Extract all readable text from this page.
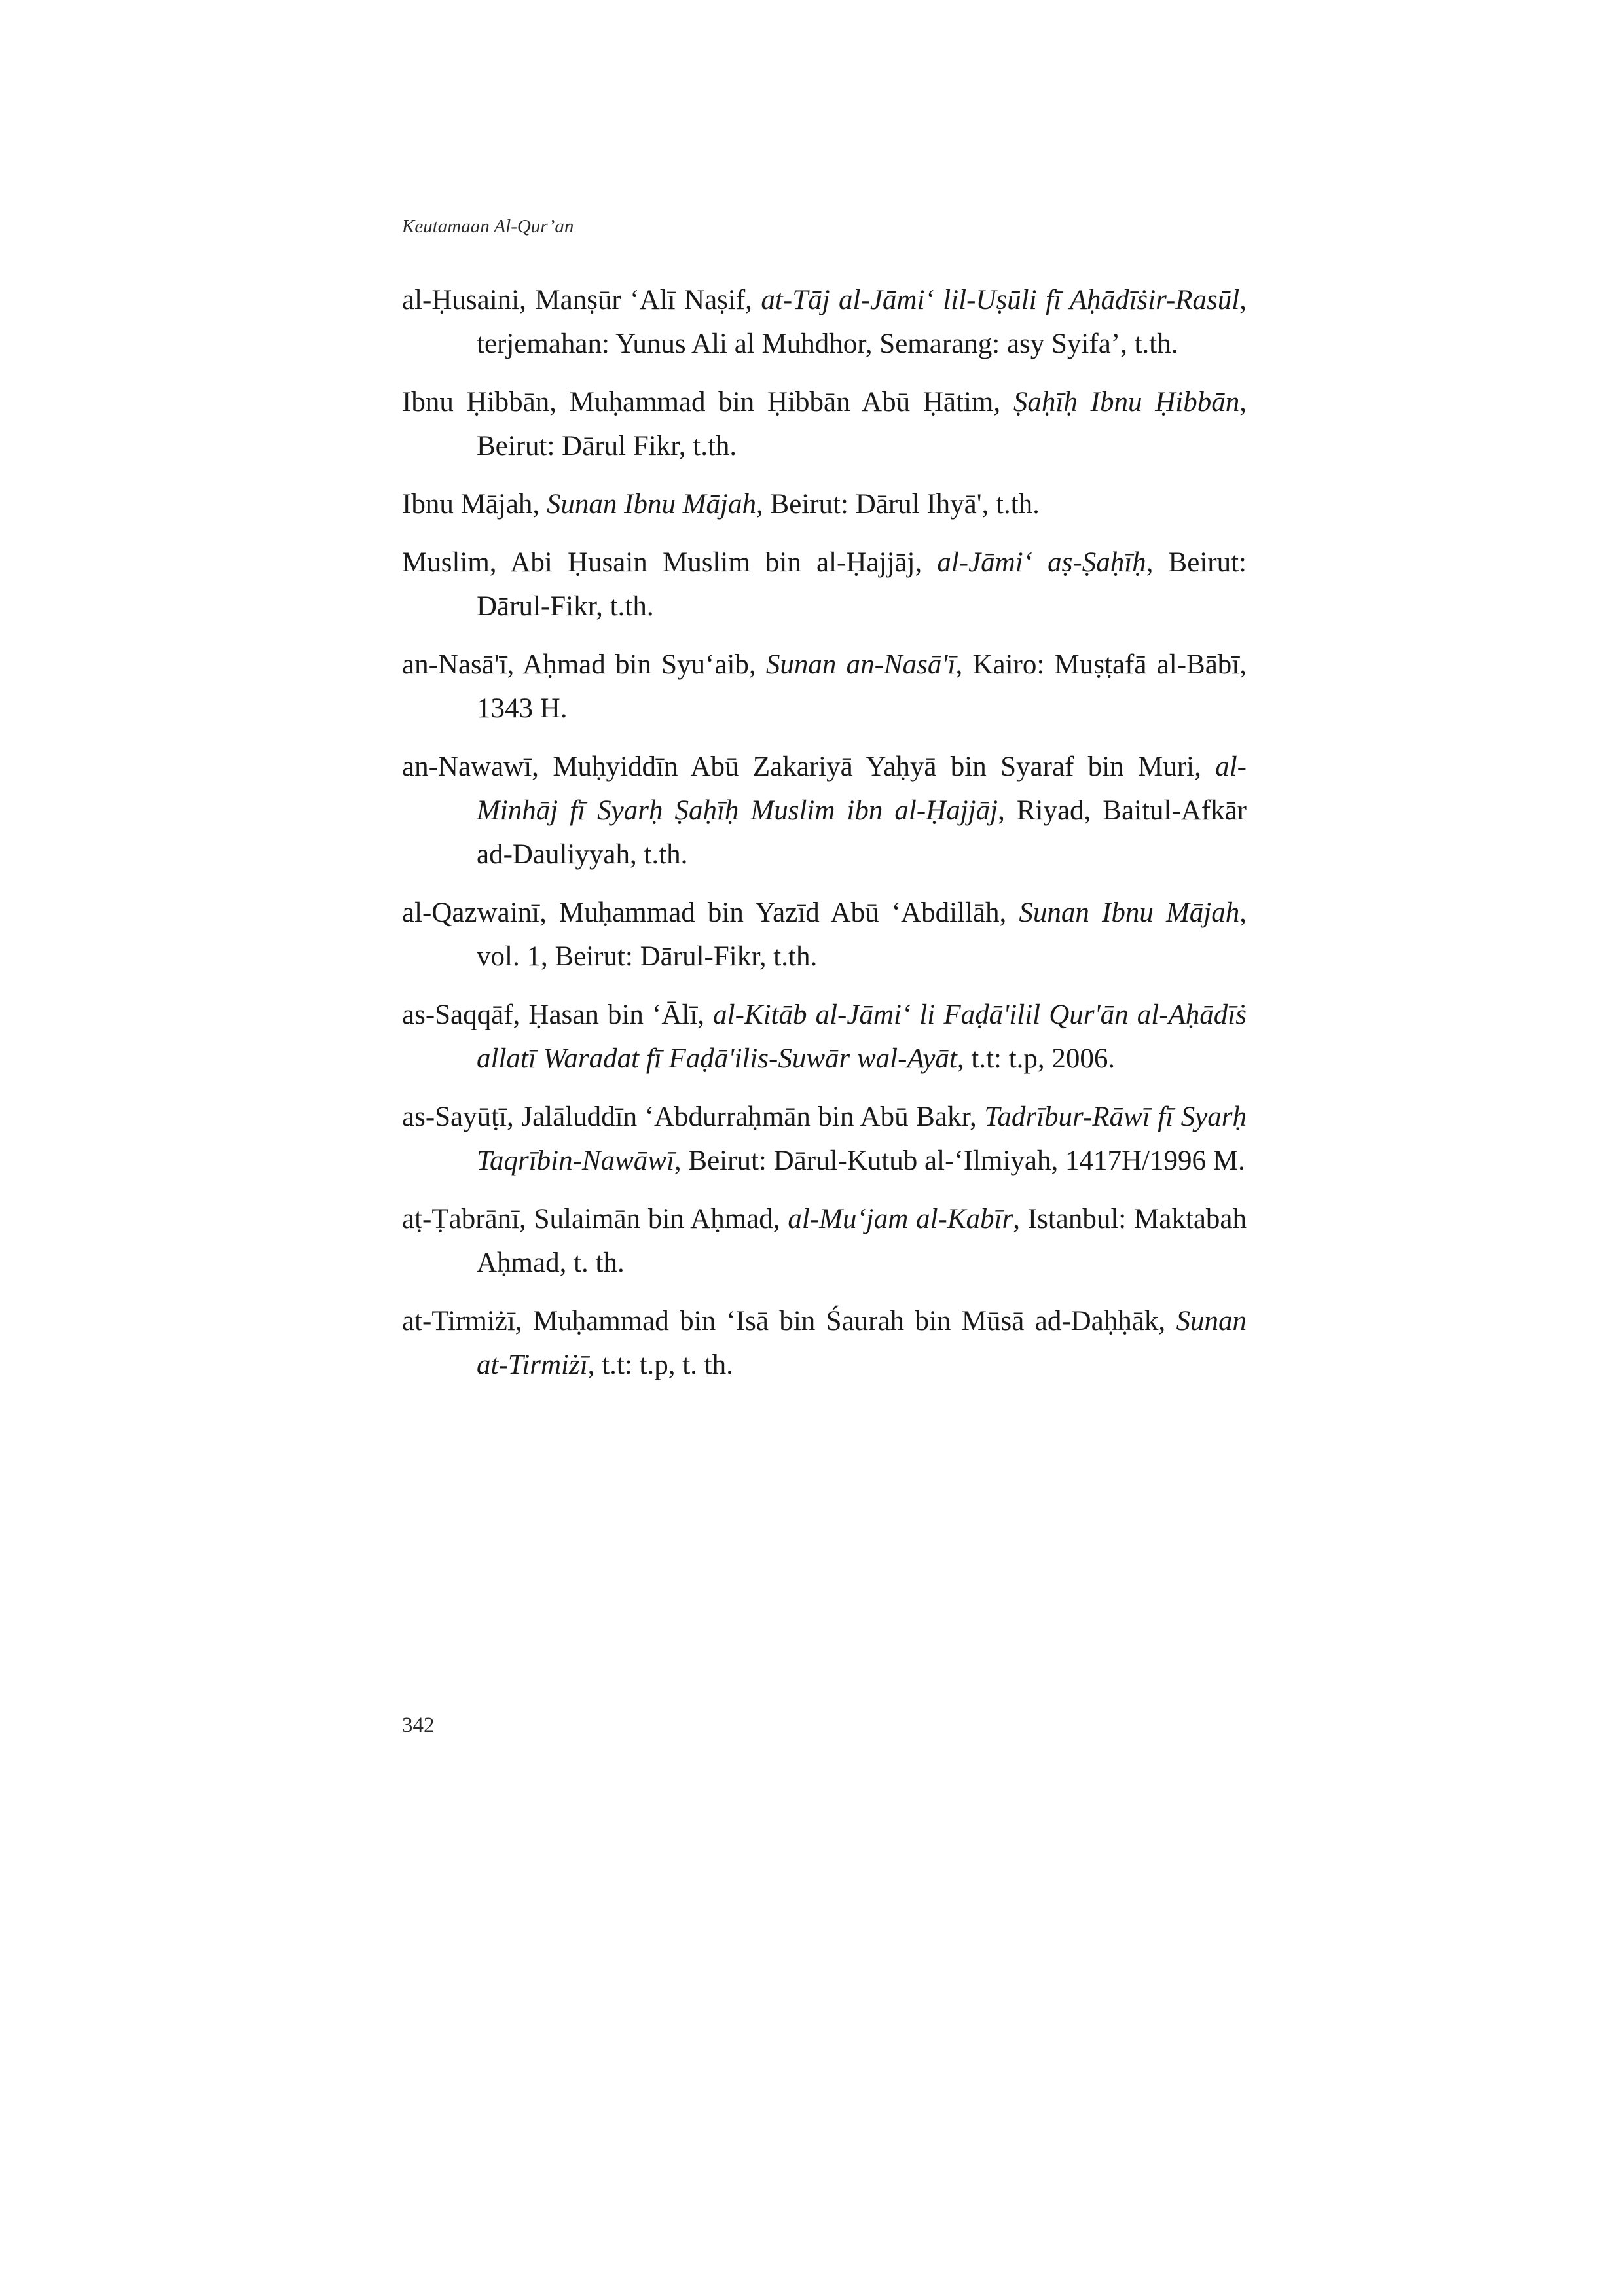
Keutamaan Al-Qur’an

al-Ḥusaini, Manṣūr ‘Alī Naṣif, at-Tāj al-Jāmi‘ lil-Uṣūli fī Aḥādīṡir-Rasūl, terjemahan: Yunus Ali al Muhdhor, Semarang: asy Syifa’, t.th.

Ibnu Ḥibbān, Muḥammad bin Ḥibbān Abū Ḥātim, Ṣaḥīḥ Ibnu Ḥibbān, Beirut: Dārul Fikr, t.th.

Ibnu Mājah, Sunan Ibnu Mājah, Beirut: Dārul Ihyā', t.th.

Muslim, Abi Ḥusain Muslim bin al-Ḥajjāj, al-Jāmi‘ aṣ-Ṣaḥīḥ, Beirut: Dārul-Fikr, t.th.

an-Nasā'ī, Aḥmad bin Syu‘aib, Sunan an-Nasā'ī, Kairo: Muṣṭafā al-Bābī, 1343 H.

an-Nawawī, Muḥyiddīn Abū Zakariyā Yaḥyā bin Syaraf bin Muri, al-Minhāj fī Syarḥ Ṣaḥīḥ Muslim ibn al-Ḥajjāj, Riyad, Baitul-Afkār ad-Dauliyyah, t.th.

al-Qazwainī, Muḥammad bin Yazīd Abū ‘Abdillāh, Sunan Ibnu Mājah, vol. 1, Beirut: Dārul-Fikr, t.th.

as-Saqqāf, Ḥasan bin ‘Ālī, al-Kitāb al-Jāmi‘ li Faḍā'ilil Qur'ān al-Aḥādīṡ allatī Waradat fī Faḍā'ilis-Suwār wal-Ayāt, t.t: t.p, 2006.

as-Sayūṭī, Jalāluddīn ‘Abdurraḥmān bin Abū Bakr, Tadrībur-Rāwī fī Syarḥ Taqrībin-Nawāwī, Beirut: Dārul-Kutub al-‘Ilmiyah, 1417H/1996 M.

aṭ-Ṭabrānī, Sulaimān bin Aḥmad, al-Mu‘jam al-Kabīr, Istanbul: Maktabah Aḥmad, t. th.

at-Tirmiżī, Muḥammad bin ‘Isā bin Śaurah bin Mūsā ad-Daḥḥāk, Sunan at-Tirmiżī, t.t: t.p, t. th.

342
